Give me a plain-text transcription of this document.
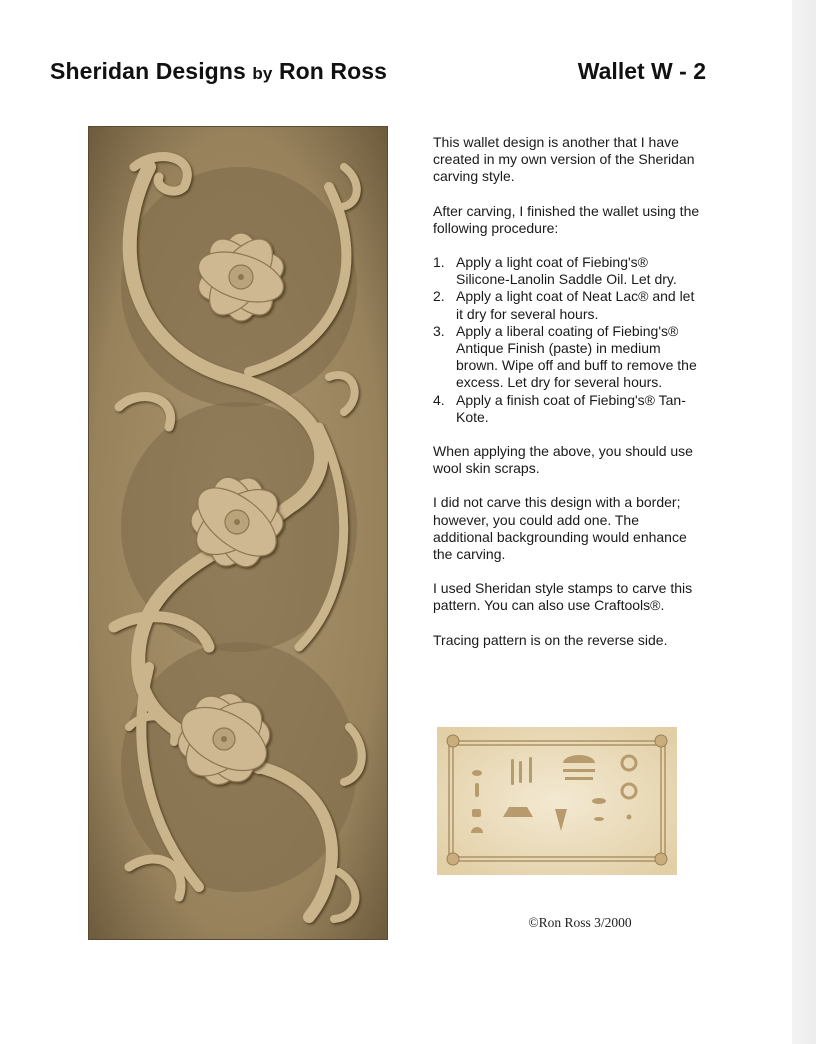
Sheridan Designs by Ron Ross	Wallet W - 2

This wallet design is another that I have created in my own version of the Sheridan carving style.

After carving, I finished the wallet using the following procedure:

1. Apply a light coat of Fiebing's® Silicone-Lanolin Saddle Oil. Let dry.
2. Apply a light coat of Neat Lac® and let it dry for several hours.
3. Apply a liberal coating of Fiebing's® Antique Finish (paste) in medium brown. Wipe off and buff to remove the excess. Let dry for several hours.
4. Apply a finish coat of Fiebing's® Tan-Kote.

When applying the above, you should use wool skin scraps.

I did not carve this design with a border; however, you could add one. The additional backgrounding would enhance the carving.

I used Sheridan style stamps to carve this pattern. You can also use Craftools®.

Tracing pattern is on the reverse side.

©Ron Ross 3/2000
